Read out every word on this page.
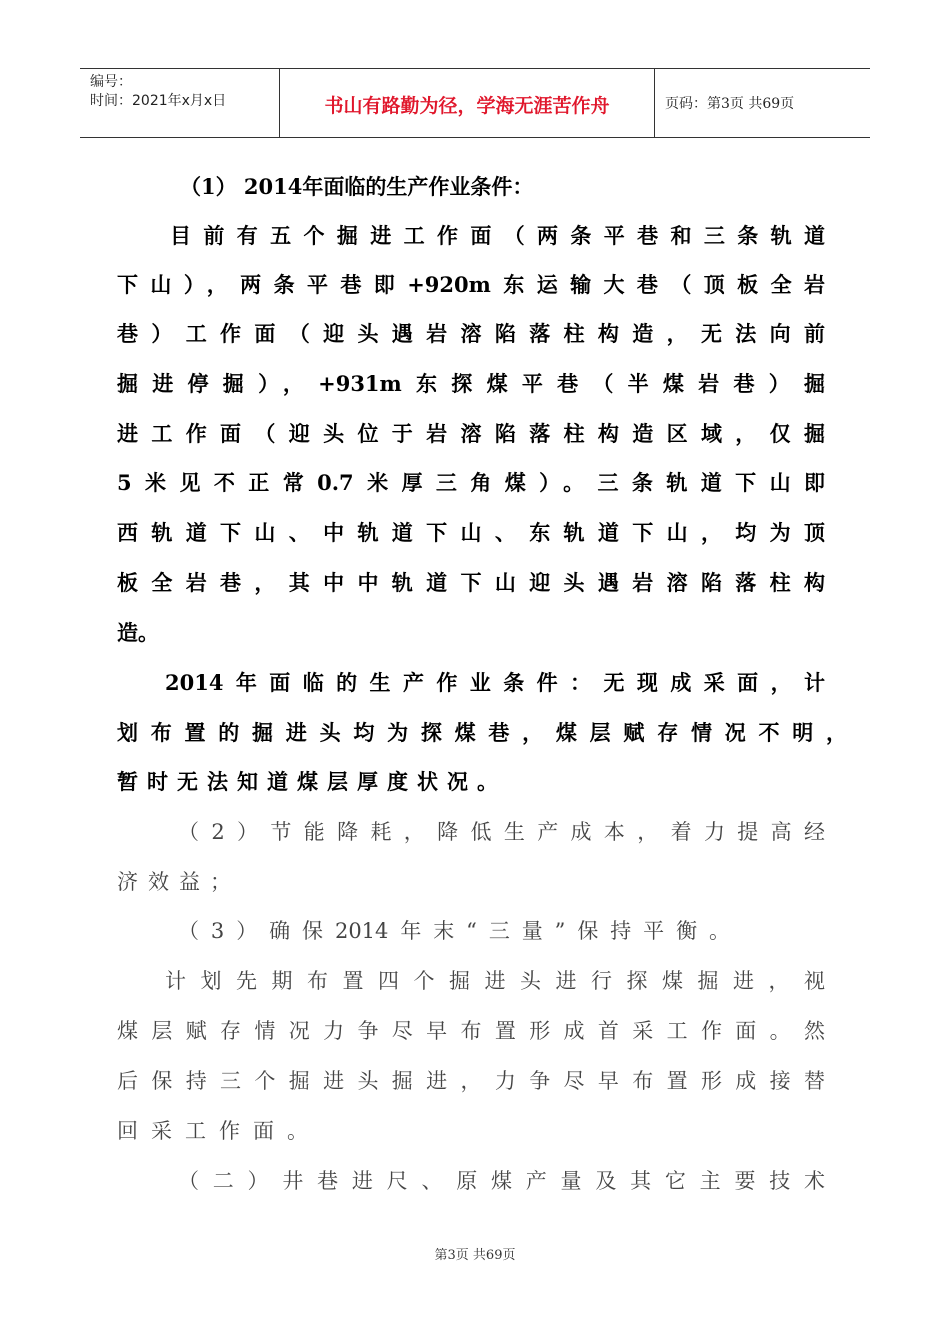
编号：
时间：2021年x月x日	书山有路勤为径，学海无涯苦作舟	页码：第3页 共69页
（1） 2014年面临的生产作业条件：
目前有五个掘进工作面（两条平巷和三条轨道
下山），两条平巷即+920m东运输大巷（顶板全岩
巷）工作面（迎头遇岩溶陷落柱构造，无法向前
掘进停掘），+931m东探煤平巷（半煤岩巷）掘
进工作面（迎头位于岩溶陷落柱构造区域，仅掘
5米见不正常0.7米厚三角煤）。三条轨道下山即
西轨道下山、中轨道下山、东轨道下山，均为顶
板全岩巷，其中中轨道下山迎头遇岩溶陷落柱构
造。
2014年面临的生产作业条件：无现成采面，计
划布置的掘进头均为探煤巷，煤层赋存情况不明，
暂时无法知道煤层厚度状况。
（2）节能降耗，降低生产成本，着力提高经
济效益；
（3）确保2014年末“三量”保持平衡。
计划先期布置四个掘进头进行探煤掘进，视
煤层赋存情况力争尽早布置形成首采工作面。然
后保持三个掘进头掘进，力争尽早布置形成接替
回采工作面。
（二）井巷进尺、原煤产量及其它主要技术
第3页 共69页
